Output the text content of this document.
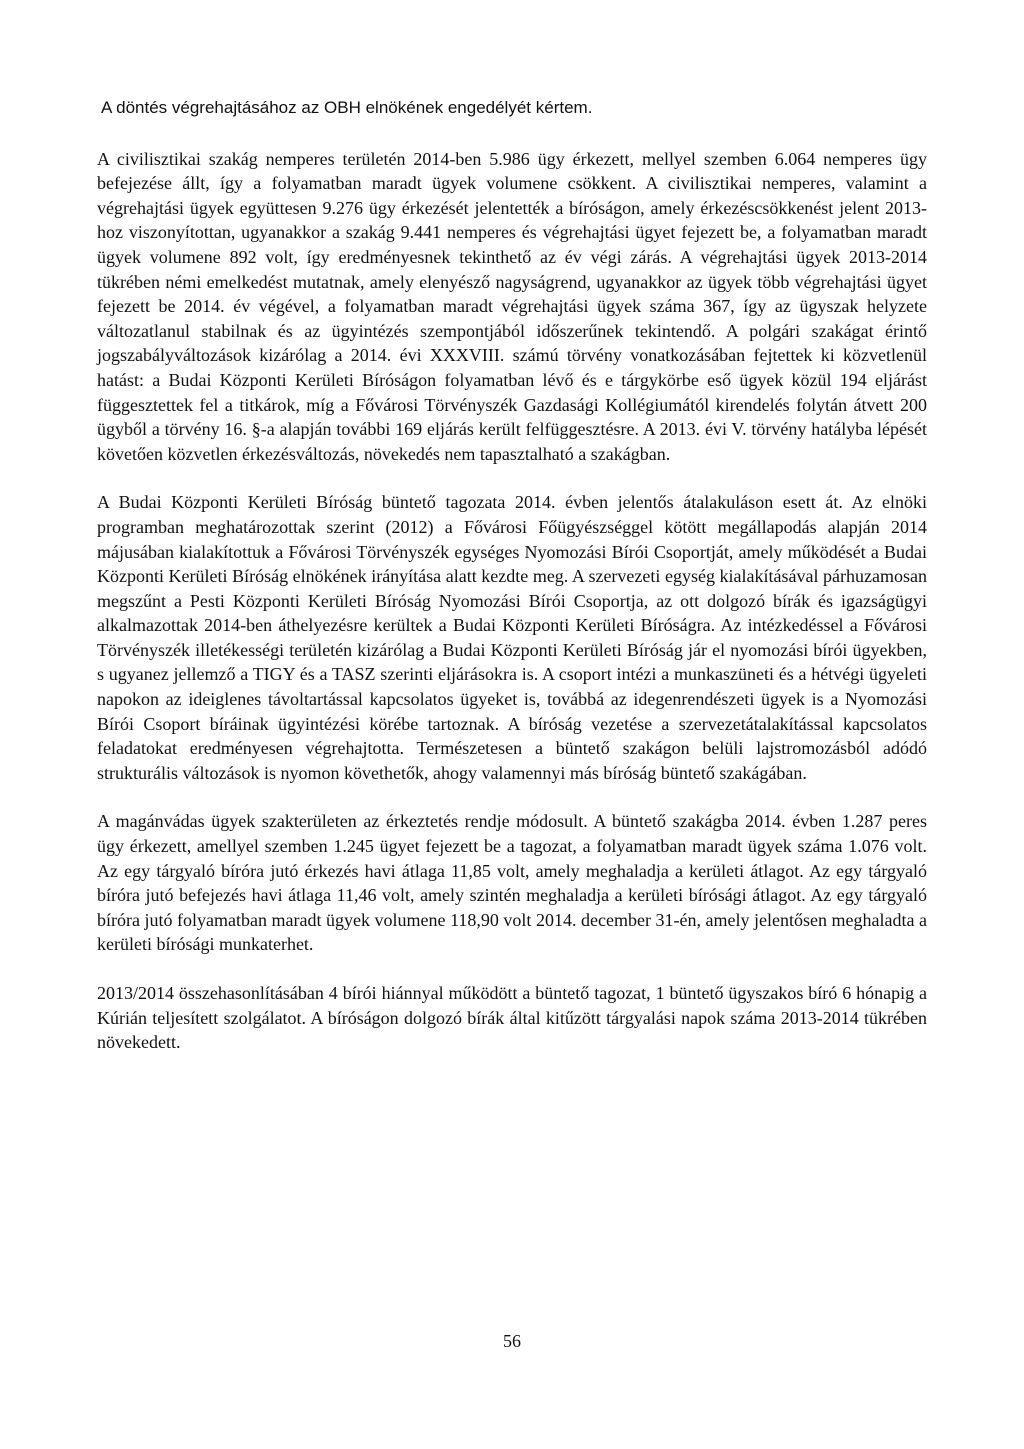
A döntés végrehajtásához az OBH elnökének engedélyét kértem.

A civilisztikai szakág nemperes területén 2014-ben 5.986 ügy érkezett, mellyel szemben 6.064 nemperes ügy befejezése állt, így a folyamatban maradt ügyek volumene csökkent. A civilisztikai nemperes, valamint a végrehajtási ügyek együttesen 9.276 ügy érkezését jelentették a bíróságon, amely érkezéscsökkenést jelent 2013-hoz viszonyítottan, ugyanakkor a szakág 9.441 nemperes és végrehajtási ügyet fejezett be, a folyamatban maradt ügyek volumene 892 volt, így eredményesnek tekinthető az év végi zárás. A végrehajtási ügyek 2013-2014 tükrében némi emelkedést mutatnak, amely elenyésző nagyságrend, ugyanakkor az ügyek több végrehajtási ügyet fejezett be 2014. év végével, a folyamatban maradt végrehajtási ügyek száma 367, így az ügyszak helyzete változatlanul stabilnak és az ügyintézés szempontjából időszerűnek tekintendő. A polgári szakágat érintő jogszabályváltozások kizárólag a 2014. évi XXXVIII. számú törvény vonatkozásában fejtettek ki közvetlenül hatást: a Budai Központi Kerületi Bíróságon folyamatban lévő és e tárgykörbe eső ügyek közül 194 eljárást függesztettek fel a titkárok, míg a Fővárosi Törvényszék Gazdasági Kollégiumától kirendelés folytán átvett 200 ügyből a törvény 16. §-a alapján további 169 eljárás került felfüggesztésre. A 2013. évi V. törvény hatályba lépését követően közvetlen érkezésváltozás, növekedés nem tapasztalható a szakágban.

A Budai Központi Kerületi Bíróság büntető tagozata 2014. évben jelentős átalakuláson esett át. Az elnöki programban meghatározottak szerint (2012) a Fővárosi Főügyészséggel kötött megállapodás alapján 2014 májusában kialakítottuk a Fővárosi Törvényszék egységes Nyomozási Bírói Csoportját, amely működését a Budai Központi Kerületi Bíróság elnökének irányítása alatt kezdte meg. A szervezeti egység kialakításával párhuzamosan megszűnt a Pesti Központi Kerületi Bíróság Nyomozási Bírói Csoportja, az ott dolgozó bírák és igazságügyi alkalmazottak 2014-ben áthelyezésre kerültek a Budai Központi Kerületi Bíróságra. Az intézkedéssel a Fővárosi Törvényszék illetékességi területén kizárólag a Budai Központi Kerületi Bíróság jár el nyomozási bírói ügyekben, s ugyanez jellemző a TIGY és a TASZ szerinti eljárásokra is. A csoport intézi a munkaszüneti és a hétvégi ügyeleti napokon az ideiglenes távoltartással kapcsolatos ügyeket is, továbbá az idegenrendészeti ügyek is a Nyomozási Bírói Csoport bíráinak ügyintézési körébe tartoznak. A bíróság vezetése a szervezetátalakítással kapcsolatos feladatokat eredményesen végrehajtotta. Természetesen a büntető szakágon belüli lajstromozásból adódó strukturális változások is nyomon követhetők, ahogy valamennyi más bíróság büntető szakágában.

A magánvádas ügyek szakterületen az érkeztetés rendje módosult. A büntető szakágba 2014. évben 1.287 peres ügy érkezett, amellyel szemben 1.245 ügyet fejezett be a tagozat, a folyamatban maradt ügyek száma 1.076 volt. Az egy tárgyaló bíróra jutó érkezés havi átlaga 11,85 volt, amely meghaladja a kerületi átlagot. Az egy tárgyaló bíróra jutó befejezés havi átlaga 11,46 volt, amely szintén meghaladja a kerületi bírósági átlagot. Az egy tárgyaló bíróra jutó folyamatban maradt ügyek volumene 118,90 volt 2014. december 31-én, amely jelentősen meghaladta a kerületi bírósági munkaterhet.

2013/2014 összehasonlításában 4 bírói hiánnyal működött a büntető tagozat, 1 büntető ügyszakos bíró 6 hónapig a Kúrián teljesített szolgálatot. A bíróságon dolgozó bírák által kitűzött tárgyalási napok száma 2013-2014 tükrében növekedett.

56
